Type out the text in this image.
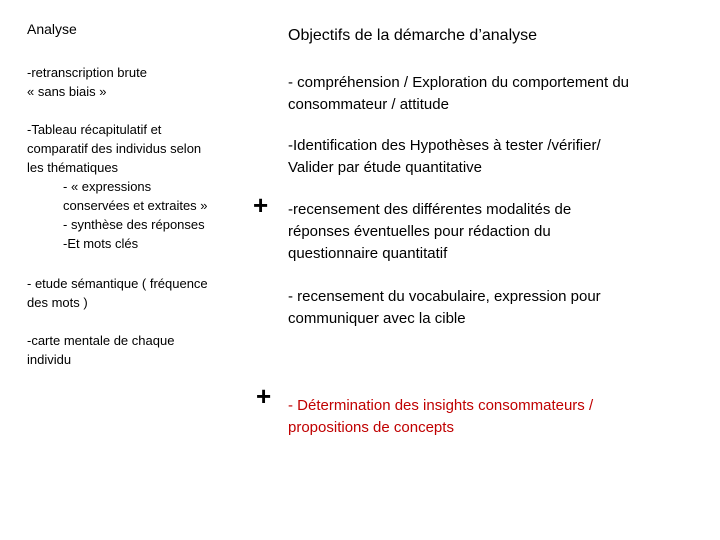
Analyse
-retranscription brute
« sans biais »
-Tableau récapitulatif et
comparatif des individus selon
les thématiques
- « expressions
conservées et extraites »
- synthèse des réponses
-Et mots clés
- etude sémantique ( fréquence
des mots )
-carte mentale de chaque
individu
+
+
Objectifs de la démarche d’analyse
- compréhension / Exploration du comportement du
consommateur / attitude
-Identification des Hypothèses à tester /vérifier/
Valider par étude quantitative
-recensement des différentes modalités de
réponses éventuelles pour rédaction du
questionnaire quantitatif
- recensement du vocabulaire, expression pour
communiquer avec la cible
- Détermination des insights consommateurs /
propositions de concepts
